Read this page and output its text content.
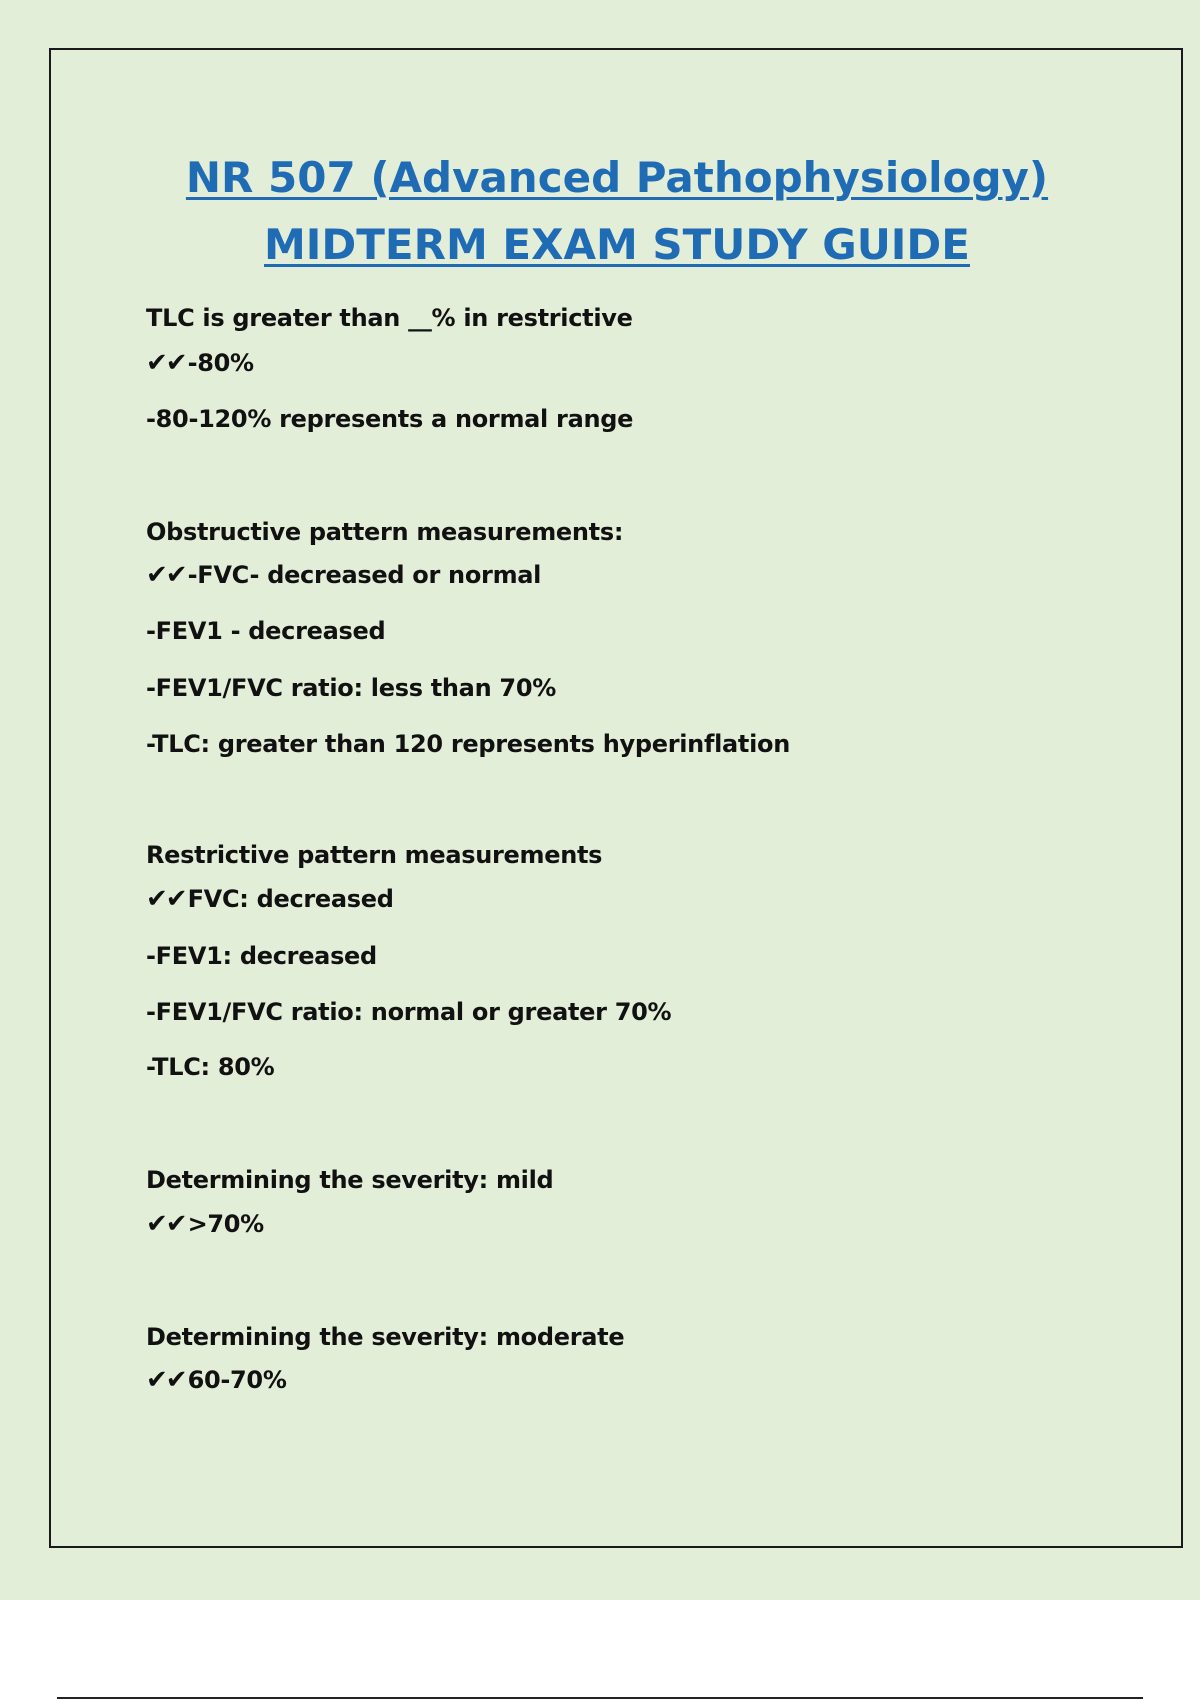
NR 507 (Advanced Pathophysiology)
MIDTERM EXAM STUDY GUIDE
TLC is greater than __% in restrictive
✔✔ -80%
-80-120% represents a normal range
Obstructive pattern measurements:
✔✔ -FVC- decreased or normal
-FEV1 - decreased
-FEV1/FVC ratio: less than 70%
-TLC: greater than 120 represents hyperinflation
Restrictive pattern measurements
✔✔ FVC: decreased
-FEV1: decreased
-FEV1/FVC ratio: normal or greater 70%
-TLC: 80%
Determining the severity: mild
✔✔ >70%
Determining the severity: moderate
✔✔ 60-70%
